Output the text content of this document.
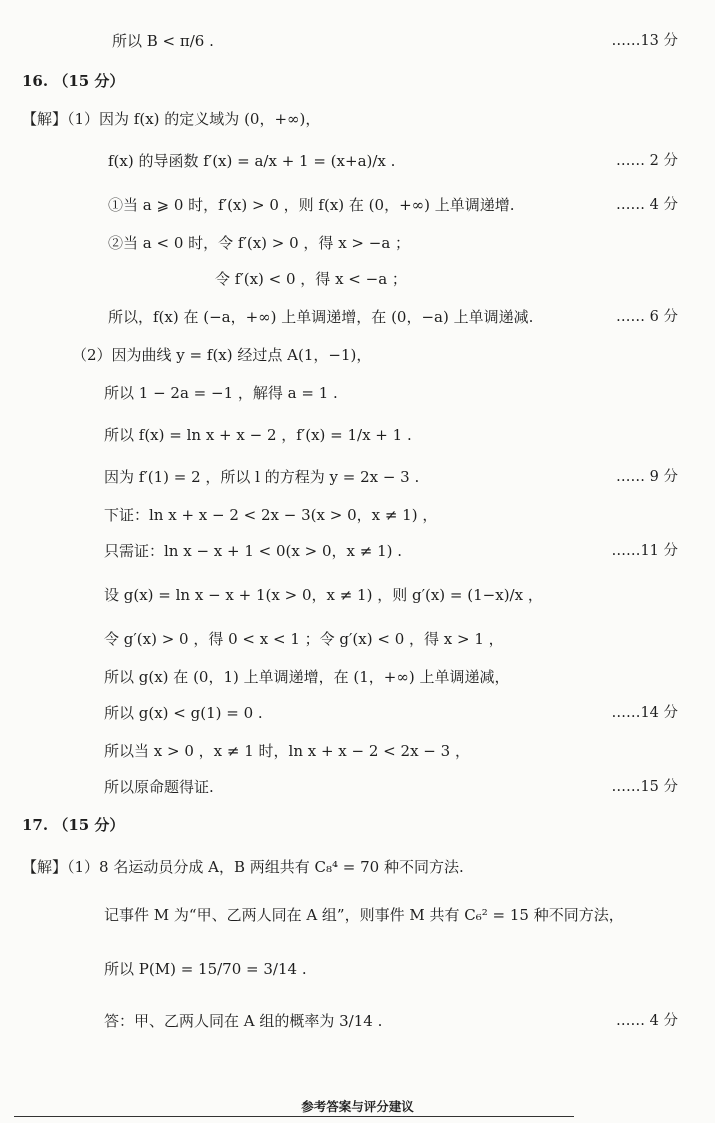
所以 B < π/6 .	……13 分
16. （15 分）
【解】（1）因为 f(x) 的定义域为 (0，+∞)，
f(x) 的导函数 f′(x) = a/x + 1 = (x+a)/x .	…… 2 分
①当 a ⩾ 0 时，f′(x) > 0 ，则 f(x) 在 (0，+∞) 上单调递增.	…… 4 分
②当 a < 0 时，令 f′(x) > 0 ，得 x > −a ；
令 f′(x) < 0 ，得 x < −a ；
所以，f(x) 在 (−a，+∞) 上单调递增，在 (0，−a) 上单调递减.	…… 6 分
（2）因为曲线 y = f(x) 经过点 A(1，−1)，
所以 1 − 2a = −1 ，解得 a = 1 .
所以 f(x) = ln x + x − 2 ，f′(x) = 1/x + 1 .
因为 f′(1) = 2 ，所以 l 的方程为 y = 2x − 3 .	…… 9 分
下证：ln x + x − 2 < 2x − 3(x > 0，x ≠ 1) ，
只需证：ln x − x + 1 < 0(x > 0，x ≠ 1) .	……11 分
设 g(x) = ln x − x + 1(x > 0，x ≠ 1) ，则 g′(x) = (1−x)/x ，
令 g′(x) > 0 ，得 0 < x < 1 ；令 g′(x) < 0 ，得 x > 1 ，
所以 g(x) 在 (0，1) 上单调递增，在 (1，+∞) 上单调递减，
所以 g(x) < g(1) = 0 .	……14 分
所以当 x > 0 ，x ≠ 1 时，ln x + x − 2 < 2x − 3 ，
所以原命题得证.	……15 分
17. （15 分）
【解】（1）8 名运动员分成 A，B 两组共有 C₈⁴ = 70 种不同方法.
记事件 M 为“甲、乙两人同在 A 组”，则事件 M 共有 C₆² = 15 种不同方法，
所以 P(M) = 15/70 = 3/14 .
答：甲、乙两人同在 A 组的概率为 3/14 .	…… 4 分
参考答案与评分建议
